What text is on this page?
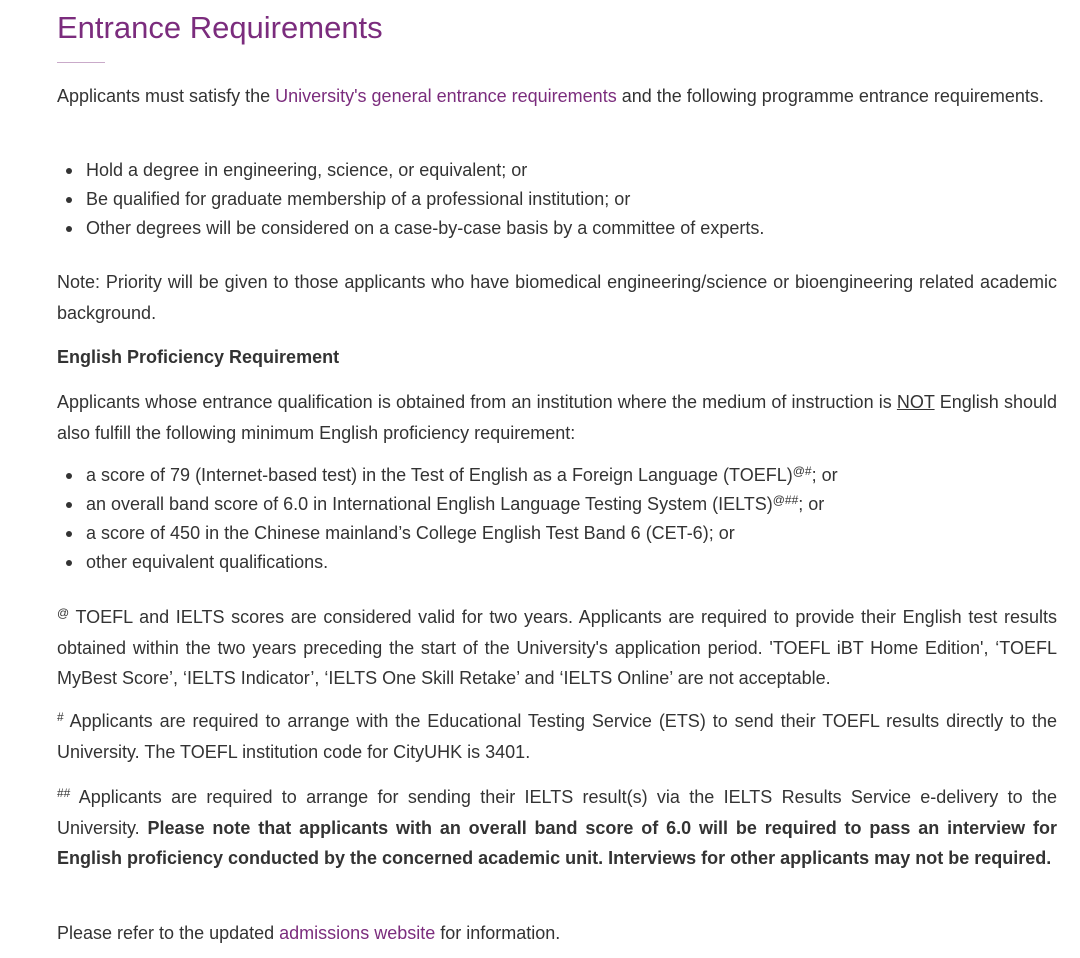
Entrance Requirements

Applicants must satisfy the University's general entrance requirements and the following programme entrance requirements.

Hold a degree in engineering, science, or equivalent; or
Be qualified for graduate membership of a professional institution; or
Other degrees will be considered on a case-by-case basis by a committee of experts.

Note: Priority will be given to those applicants who have biomedical engineering/science or bioengineering related academic background.

English Proficiency Requirement

Applicants whose entrance qualification is obtained from an institution where the medium of instruction is NOT English should also fulfill the following minimum English proficiency requirement:

a score of 79 (Internet-based test) in the Test of English as a Foreign Language (TOEFL)@#; or
an overall band score of 6.0 in International English Language Testing System (IELTS)@##; or
a score of 450 in the Chinese mainland’s College English Test Band 6 (CET-6); or
other equivalent qualifications.

@ TOEFL and IELTS scores are considered valid for two years. Applicants are required to provide their English test results obtained within the two years preceding the start of the University's application period. 'TOEFL iBT Home Edition', ‘TOEFL MyBest Score’, ‘IELTS Indicator’, ‘IELTS One Skill Retake’ and ‘IELTS Online’ are not acceptable.

# Applicants are required to arrange with the Educational Testing Service (ETS) to send their TOEFL results directly to the University. The TOEFL institution code for CityUHK is 3401.

## Applicants are required to arrange for sending their IELTS result(s) via the IELTS Results Service e-delivery to the University. Please note that applicants with an overall band score of 6.0 will be required to pass an interview for English proficiency conducted by the concerned academic unit. Interviews for other applicants may not be required.

Please refer to the updated admissions website for information.
